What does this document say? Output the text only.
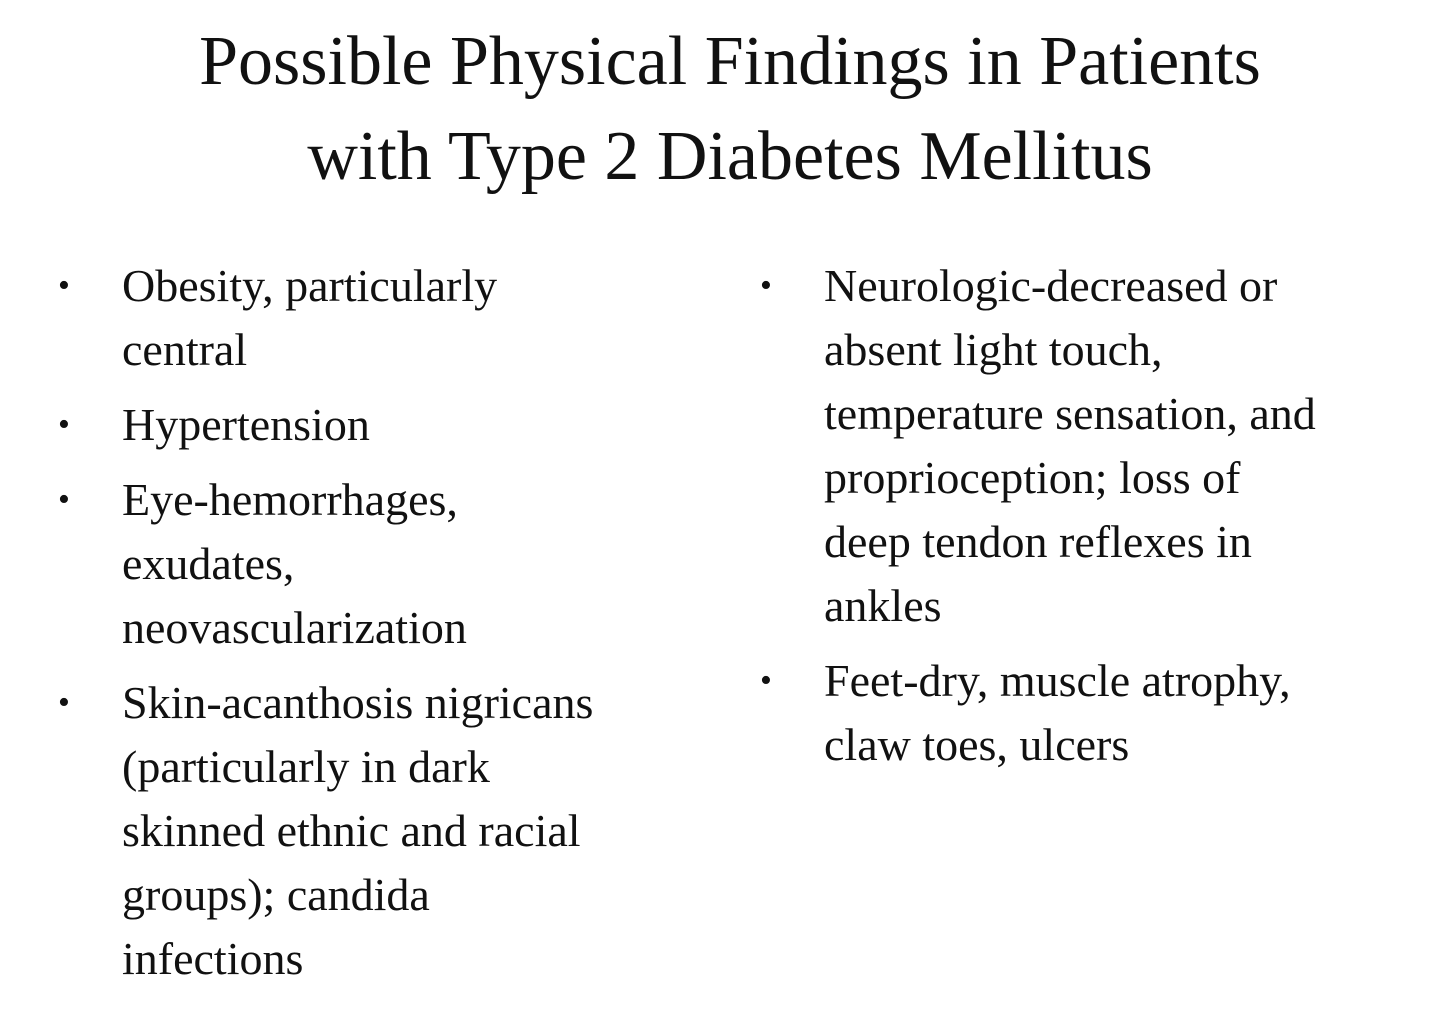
Possible Physical Findings in Patients
with Type 2 Diabetes Mellitus
• Obesity, particularly
central
• Hypertension
• Eye-hemorrhages,
exudates,
neovascularization
• Skin-acanthosis nigricans
(particularly in dark
skinned ethnic and racial
groups); candida
infections
• Neurologic-decreased or
absent light touch,
temperature sensation, and
proprioception; loss of
deep tendon reflexes in
ankles
• Feet-dry, muscle atrophy,
claw toes, ulcers
